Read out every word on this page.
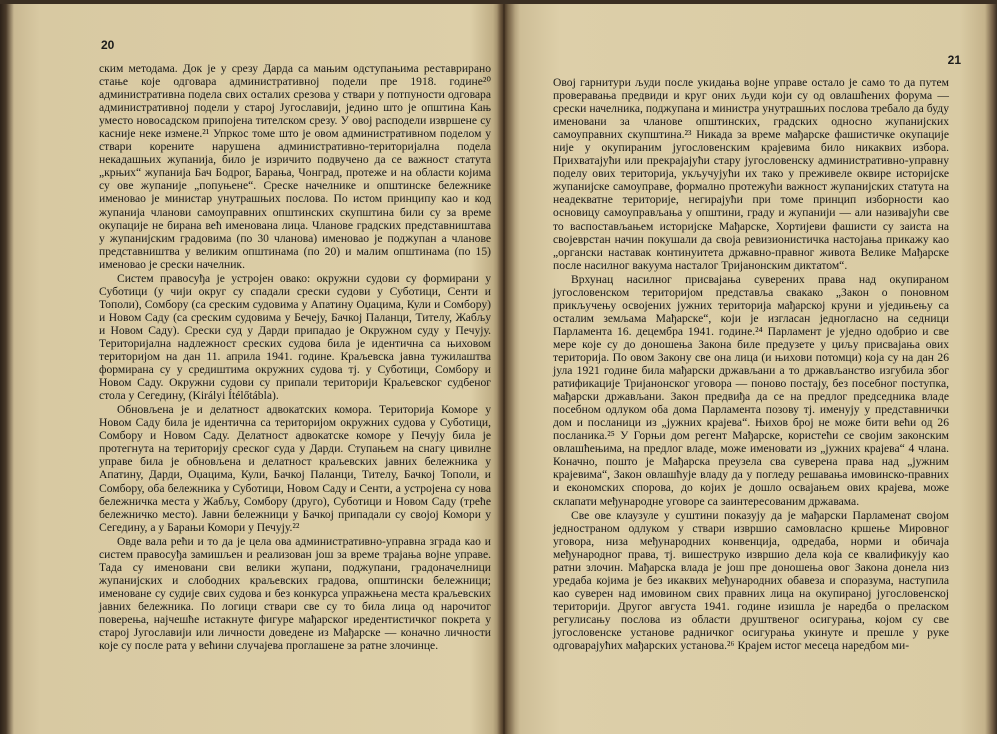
20

ским методама. Док је у срезу Дарда са мањим одступањима реставрирано стање које одговара административној подели пре 1918. године²⁰ административна подела свих осталих срезова у ствари у потпуности одговара административној подели у старој Југославији, једино што је општина Кањ уместо новосадском припојена тителском срезу. У овој расподели извршене су касније неке измене.²¹ Упркос томе што је овом административном поделом у ствари корените нарушена административно-територијална подела некадашњих жупанија, било је изричито подвучено да се важност статута „крњих“ жупанија Бач Бодрог, Барања, Чонград, протеже и на области којима су ове жупаније „попуњене“. Среске начелнике и општинске бележнике именовао је министар унутрашњих послова. По истом принципу као и код жупанија чланови самоуправних општинских скупштина били су за време окупације не бирана већ именована лица. Чланове градских представништава у жупанијским градовима (по 30 чланова) именовао је поджупан а чланове представништва у великим општинама (по 20) и малим општинама (по 15) именовао је срески начелник.

Систем правосуђа је устројен овако: окружни судови су формирани у Суботици (у чији округ су спадали срески судови у Суботици, Сенти и Тополи), Сомбору (са среским судовима у Апатину Оџацима, Кули и Сомбору) и Новом Саду (са среским судовима у Бечеју, Бачкој Паланци, Тителу, Жабљу и Новом Саду). Срески суд у Дарди припадао је Окружном суду у Печују. Територијална надлежност среских судова била је идентична са њиховом територијом на дан 11. априла 1941. године. Краљевска јавна тужилаштва формирана су у средиштима окружних судова тј. у Суботици, Сомбору и Новом Саду. Окружни судови су припали територији Краљевског судбеног стола у Сегедину, (Királyi Ítélőtábla).

Обновљена је и делатност адвокатских комора. Територија Коморе у Новом Саду била је идентична са територијом окружних судова у Суботици, Сомбору и Новом Саду. Делатност адвокатске коморе у Печују била је протегнута на територију среског суда у Дарди. Ступањем на снагу цивилне управе била је обновљена и делатност краљевских јавних бележника у Апатину, Дарди, Оџацима, Кули, Бачкој Паланци, Тителу, Бачкој Тополи, и Сомбору, оба бележника у Суботици, Новом Саду и Сенти, а устројена су нова бележничка места у Жабљу, Сомбору (друго), Суботици и Новом Саду (треће бележничко место). Јавни бележници у Бачкој припадали су својој Комори у Сегедину, а у Барањи Комори у Печују.²²

Овде вала рећи и то да је цела ова административно-управна зграда као и систем правосуђа замишљен и реализован још за време трајања војне управе. Тада су именовани сви велики жупани, поджупани, градоначелници жупанијских и слободних краљевских градова, општински бележници; именоване су судије свих судова и без конкурса упражњена места краљевских јавних бележника. По логици ствари све су то била лица од нарочитог поверења, најчешће истакнуте фигуре мађарског иредентистичког покрета у старој Југославији или личности доведене из Мађарске — коначно личности које су после рата у већини случајева проглашене за ратне злочинце.

21

Овој гарнитури људи после укидања војне управе остало је само то да путем проверавања предвиди и круг оних људи који су од овлашћених форума — срески начелника, поджупана и министра унутрашњих послова требало да буду именовани за чланове општинских, градских односно жупанијских самоуправних скупштина.²³ Никада за време мађарске фашистичке окупације није у окупираним југословенским крајевима било никаквих избора. Прихватајући или прекрајајући стару југословенску административно-управну поделу ових територија, укључујући их тако у преживеле оквире историјске жупанијске самоуправе, формално протежући важност жупанијских статута на неадекватне територије, негирајући при томе принцип изборности као основицу самоуправљања у општини, граду и жупанији — али називајући све то васпостављањем историјске Мађарске, Хортијеви фашисти су заиста на својеврстан начин покушали да своја ревизионистичка настојања прикажу као „органски наставак континуитета државно-правног живота Велике Мађарске после насилног вакуума насталог Тријанонским диктатом“.

Врхунац насилног присвајања суверених права над окупираном југословенском територијом представља свакако „Закон о поновном прикључењу освојених јужних територија мађарској круни и уједињењу са осталим земљама Мађарске“, који је изгласан једногласно на седници Парламента 16. децембра 1941. године.²⁴ Парламент је уједно одобрио и све мере које су до доношења Закона биле предузете у циљу присвајања ових територија. По овом Закону све она лица (и њихови потомци) која су на дан 26 јула 1921 године била мађарски држављани а то држављанство изгубила због ратификације Тријанонског уговора — поново постају, без посебног поступка, мађарски држављани. Закон предвиђа да се на предлог председника владе посебном одлуком оба дома Парламента позову тј. именују у представнички дом и посланици из „јужних крајева“. Њихов број не може бити већи од 26 посланика.²⁵ У Горњи дом регент Мађарске, користећи се својим законским овлашћењима, на предлог владе, може именовати из „јужних крајева“ 4 члана. Коначно, пошто је Мађарска преузела сва суверена права над „јужним крајевима“, Закон овлашћује владу да у погледу решавања имовинско-правних и економских спорова, до којих је дошло освајањем ових крајева, може склапати међународне уговоре са заинтересованим државама.

Све ове клаузуле у суштини показују да је мађарски Парламенат својом једностраном одлуком у ствари извршио самовласно кршење Мировног уговора, низа међународних конвенција, одредаба, норми и обичаја међународног права, тј. вишеструко извршио дела која се квалификују као ратни злочин. Мађарска влада је још пре доношења овог Закона донела низ уредаба којима је без икаквих међународних обавеза и споразума, наступила као суверен над имовином свих правних лица на окупираној југословенској територији. Другог августа 1941. године изишла је наредба о преласком регулисању послова из области друштвеног осигурања, којом су све југословенске установе радничког осигурања укинуте и прешле у руке одговарајућих мађарских установа.²⁶ Крајем истог месеца наредбом ми-
